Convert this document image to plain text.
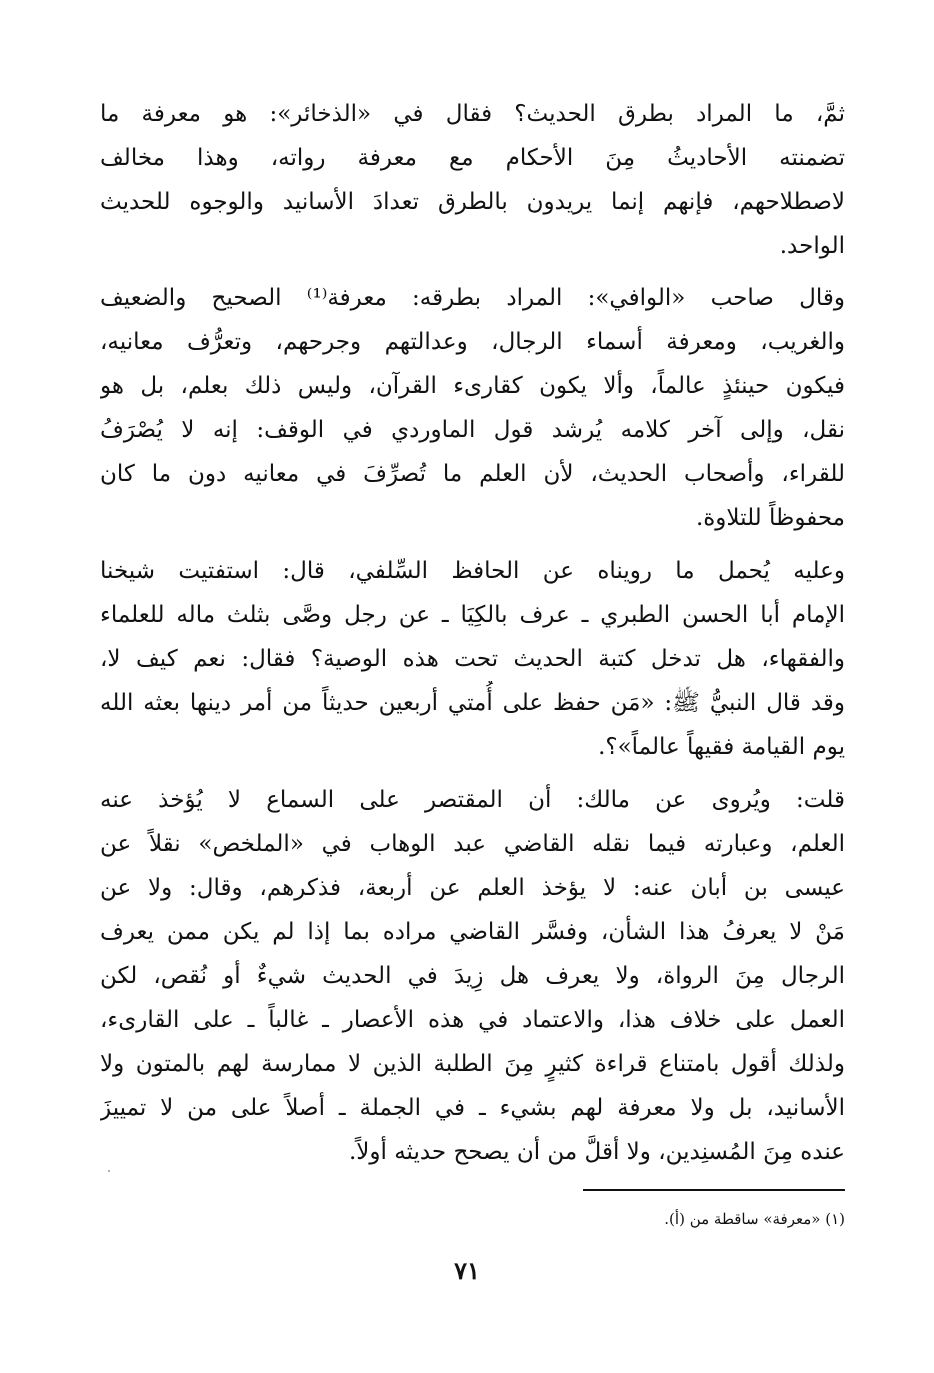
ثمَّ، ما المراد بطرق الحديث؟ فقال في «الذخائر»: هو معرفة ما
تضمنته الأحاديثُ مِنَ الأحكام مع معرفة رواته، وهذا مخالف
لاصطلاحهم، فإنهم إنما يريدون بالطرق تعدادَ الأسانيد والوجوه للحديث
الواحد.
وقال صاحب «الوافي»: المراد بطرقه: معرفة⁽¹⁾ الصحيح والضعيف
والغريب، ومعرفة أسماء الرجال، وعدالتهم وجرحهم، وتعرُّف معانيه،
فيكون حينئذٍ عالماً، وألا يكون كقارىء القرآن، وليس ذلك بعلم، بل هو
نقل، وإلى آخر كلامه يُرشد قول الماوردي في الوقف: إنه لا يُصْرَفُ
للقراء، وأصحاب الحديث، لأن العلم ما تُصرِّفَ في معانيه دون ما كان
محفوظاً للتلاوة.
وعليه يُحمل ما رويناه عن الحافظ السِّلفي، قال: استفتيت شيخنا
الإمام أبا الحسن الطبري ـ عرف بالكِيَا ـ عن رجل وصَّى بثلث ماله للعلماء
والفقهاء، هل تدخل كتبة الحديث تحت هذه الوصية؟ فقال: نعم كيف لا،
وقد قال النبيُّ ﷺ: «مَن حفظ على أُمتي أربعين حديثاً من أمر دينها بعثه الله
يوم القيامة فقيهاً عالماً»؟.
قلت: ويُروى عن مالك: أن المقتصر على السماع لا يُؤخذ عنه
العلم، وعبارته فيما نقله القاضي عبد الوهاب في «الملخص» نقلاً عن
عيسى بن أبان عنه: لا يؤخذ العلم عن أربعة، فذكرهم، وقال: ولا عن
مَنْ لا يعرفُ هذا الشأن، وفسَّر القاضي مراده بما إذا لم يكن ممن يعرف
الرجال مِنَ الرواة، ولا يعرف هل زِيدَ في الحديث شيءٌ أو نُقص، لكن
العمل على خلاف هذا، والاعتماد في هذه الأعصار ـ غالباً ـ على القارىء،
ولذلك أقول بامتناع قراءة كثيرٍ مِنَ الطلبة الذين لا ممارسة لهم بالمتون ولا
الأسانيد، بل ولا معرفة لهم بشيء ـ في الجملة ـ أصلاً على من لا تمييزَ
عنده مِنَ المُسنِدين، ولا أقلَّ من أن يصحح حديثه أولاً.
(١) «معرفة» ساقطة من (أ).
٧١
